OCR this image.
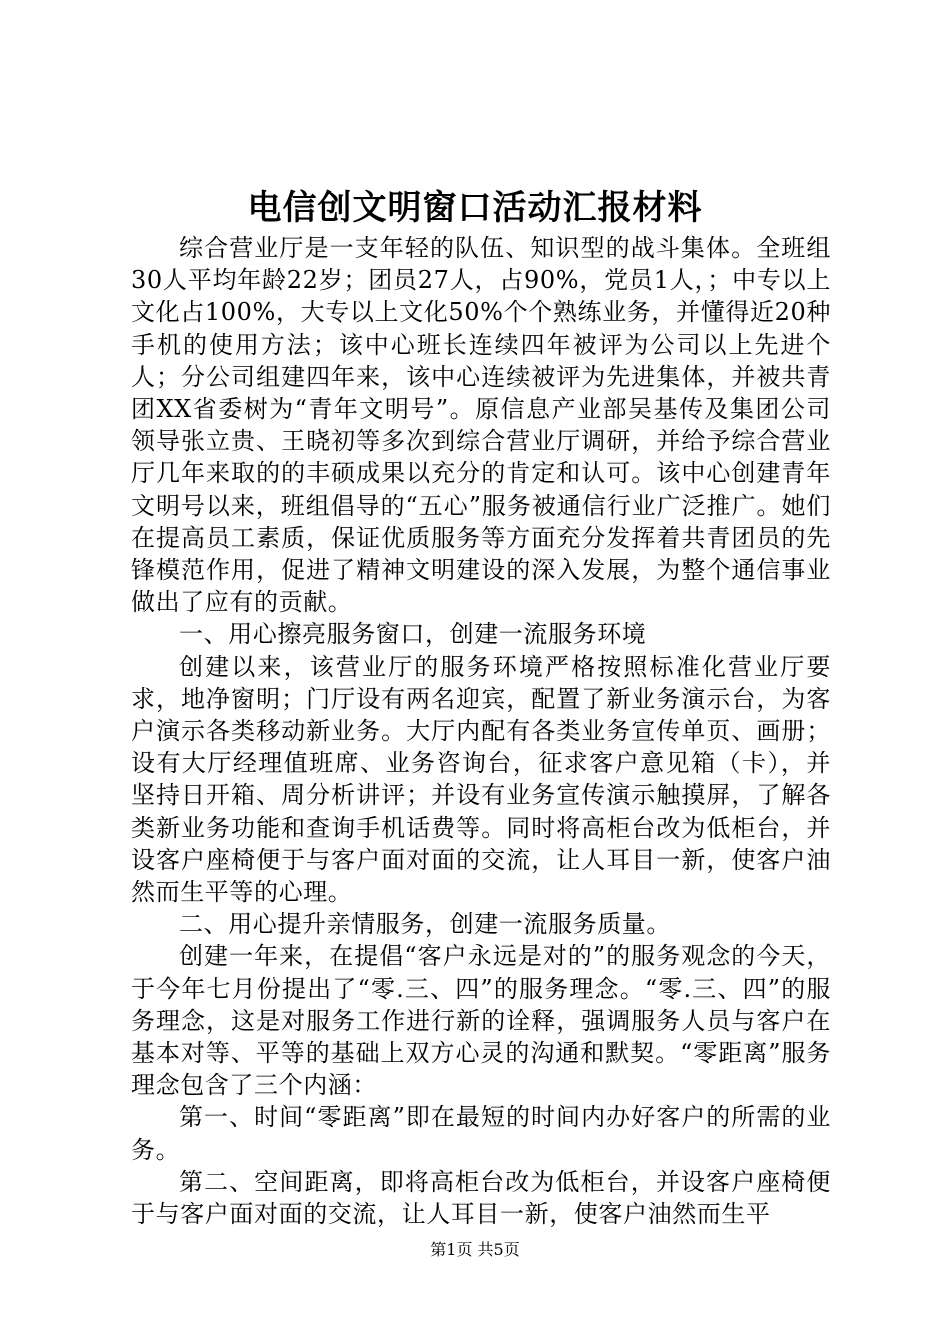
电信创文明窗口活动汇报材料

综合营业厅是一支年轻的队伍、知识型的战斗集体。全班组30人平均年龄22岁；团员27人，占90%，党员1人，；中专以上文化占100%，大专以上文化50%个个熟练业务，并懂得近20种手机的使用方法；该中心班长连续四年被评为公司以上先进个人；分公司组建四年来，该中心连续被评为先进集体，并被共青团XX省委树为“青年文明号”。原信息产业部吴基传及集团公司领导张立贵、王晓初等多次到综合营业厅调研，并给予综合营业厅几年来取的的丰硕成果以充分的肯定和认可。该中心创建青年文明号以来，班组倡导的“五心”服务被通信行业广泛推广。她们在提高员工素质，保证优质服务等方面充分发挥着共青团员的先锋模范作用，促进了精神文明建设的深入发展，为整个通信事业做出了应有的贡献。

一、用心擦亮服务窗口，创建一流服务环境

创建以来，该营业厅的服务环境严格按照标准化营业厅要求，地净窗明；门厅设有两名迎宾，配置了新业务演示台，为客户演示各类移动新业务。大厅内配有各类业务宣传单页、画册；设有大厅经理值班席、业务咨询台，征求客户意见箱（卡），并坚持日开箱、周分析讲评；并设有业务宣传演示触摸屏，了解各类新业务功能和查询手机话费等。同时将高柜台改为低柜台，并设客户座椅便于与客户面对面的交流，让人耳目一新，使客户油然而生平等的心理。

二、用心提升亲情服务，创建一流服务质量。

创建一年来，在提倡“客户永远是对的”的服务观念的今天，于今年七月份提出了“零.三、四”的服务理念。“零.三、四”的服务理念，这是对服务工作进行新的诠释，强调服务人员与客户在基本对等、平等的基础上双方心灵的沟通和默契。“零距离”服务理念包含了三个内涵：

第一、时间“零距离”即在最短的时间内办好客户的所需的业务。

第二、空间距离，即将高柜台改为低柜台，并设客户座椅便于与客户面对面的交流，让人耳目一新，使客户油然而生平

第1页 共5页
